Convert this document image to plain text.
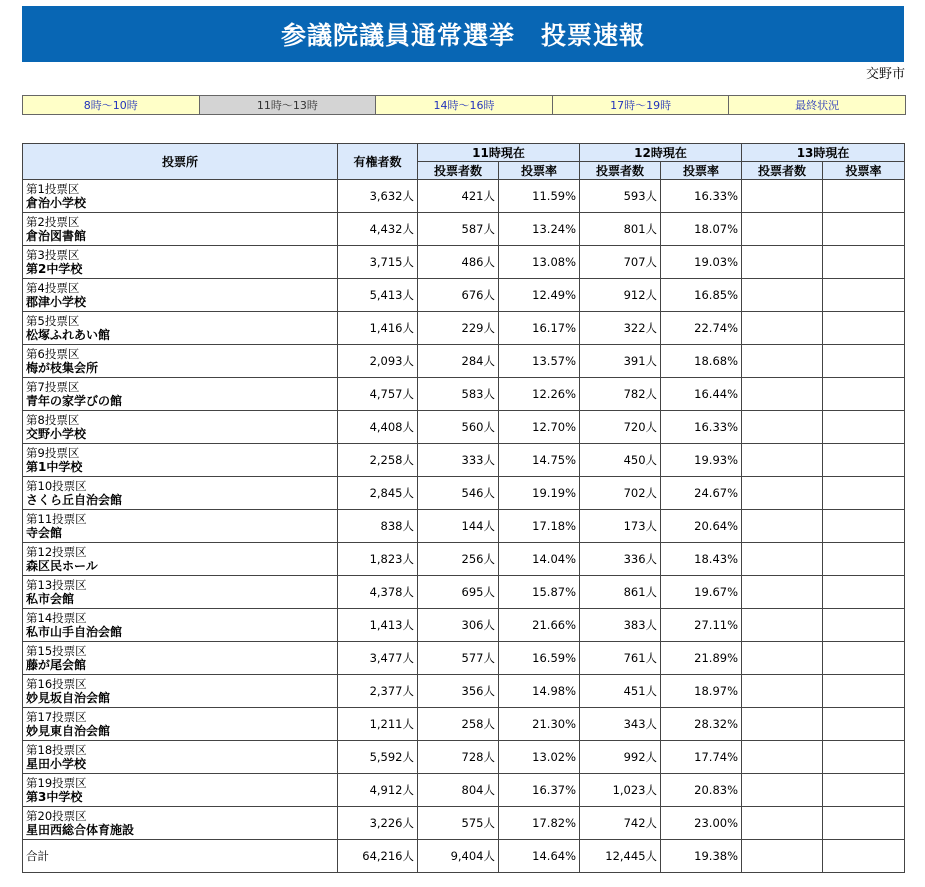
参議院議員通常選挙　投票速報
交野市
8時～10時	11時～13時	14時～16時	17時～19時	最終状況
投票所	有権者数	11時現在		12時現在		13時現在	
		投票者数	投票率	投票者数	投票率	投票者数	投票率

第1投票区
倉治小学校	3,632人	421人	11.59%	593人	16.33%		

第2投票区
倉治図書館	4,432人	587人	13.24%	801人	18.07%		

第3投票区
第2中学校	3,715人	486人	13.08%	707人	19.03%		

第4投票区
郡津小学校	5,413人	676人	12.49%	912人	16.85%		

第5投票区
松塚ふれあい館	1,416人	229人	16.17%	322人	22.74%		

第6投票区
梅が枝集会所	2,093人	284人	13.57%	391人	18.68%		

第7投票区
青年の家学びの館	4,757人	583人	12.26%	782人	16.44%		

第8投票区
交野小学校	4,408人	560人	12.70%	720人	16.33%		

第9投票区
第1中学校	2,258人	333人	14.75%	450人	19.93%		

第10投票区
さくら丘自治会館	2,845人	546人	19.19%	702人	24.67%		

第11投票区
寺会館	838人	144人	17.18%	173人	20.64%		

第12投票区
森区民ホール	1,823人	256人	14.04%	336人	18.43%		

第13投票区
私市会館	4,378人	695人	15.87%	861人	19.67%		

第14投票区
私市山手自治会館	1,413人	306人	21.66%	383人	27.11%		

第15投票区
藤が尾会館	3,477人	577人	16.59%	761人	21.89%		

第16投票区
妙見坂自治会館	2,377人	356人	14.98%	451人	18.97%		

第17投票区
妙見東自治会館	1,211人	258人	21.30%	343人	28.32%		

第18投票区
星田小学校	5,592人	728人	13.02%	992人	17.74%		

第19投票区
第3中学校	4,912人	804人	16.37%	1,023人	20.83%		

第20投票区
星田西総合体育施設	3,226人	575人	17.82%	742人	23.00%		
合計	64,216人	9,404人	14.64%	12,445人	19.38%		
